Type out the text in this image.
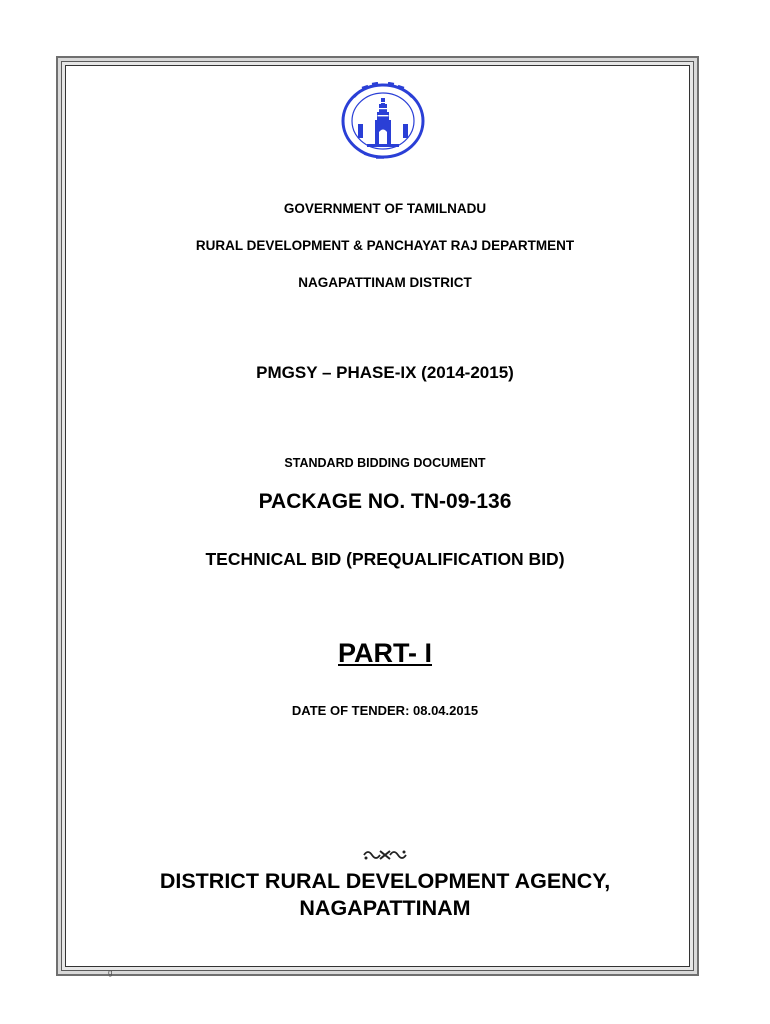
GOVERNMENT OF TAMILNADU
RURAL DEVELOPMENT & PANCHAYAT RAJ DEPARTMENT
NAGAPATTINAM DISTRICT
PMGSY – PHASE-IX (2014-2015)
STANDARD BIDDING DOCUMENT
PACKAGE NO. TN-09-136
TECHNICAL BID (PREQUALIFICATION BID)
PART- I
DATE OF TENDER: 08.04.2015
DISTRICT RURAL DEVELOPMENT AGENCY,
NAGAPATTINAM
g
